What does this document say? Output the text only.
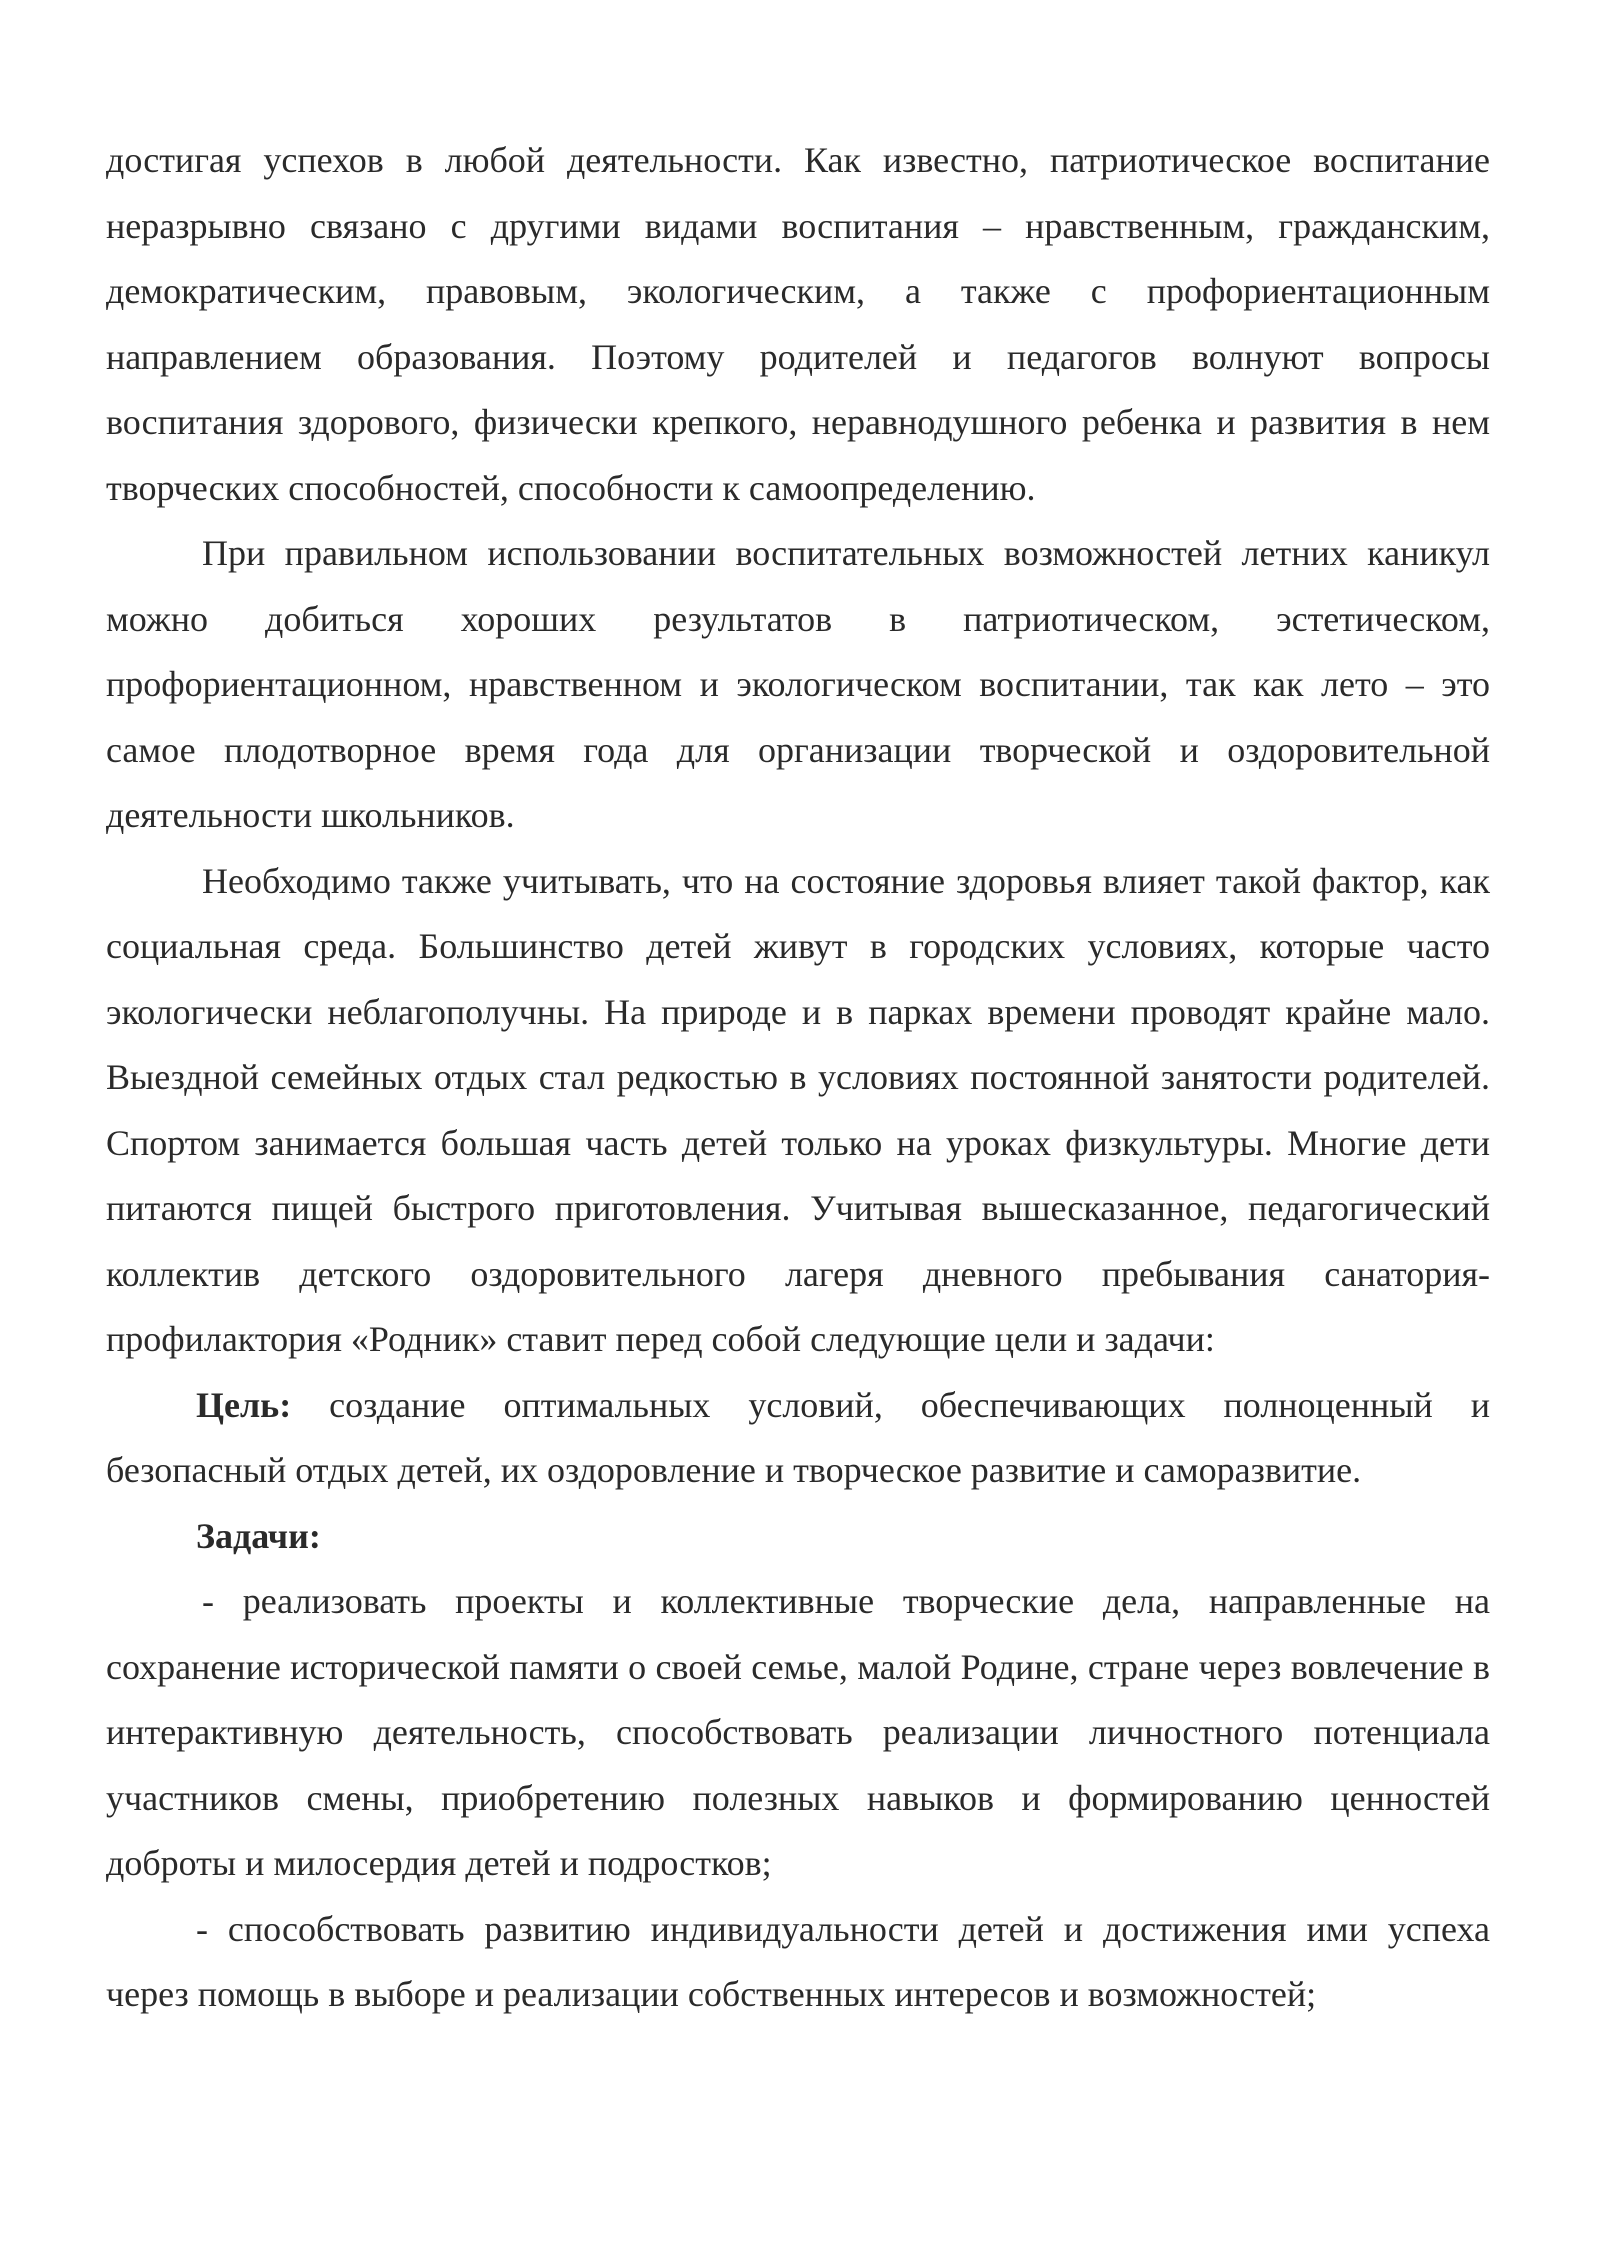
достигая успехов в любой деятельности. Как известно, патриотическое воспитание неразрывно связано с другими видами воспитания – нравственным, гражданским, демократическим, правовым, экологическим, а также с профориентационным направлением образования. Поэтому родителей и педагогов волнуют вопросы воспитания здорового, физически крепкого, неравнодушного ребенка и развития в нем творческих способностей, способности к самоопределению.

При правильном использовании воспитательных возможностей летних каникул можно добиться хороших результатов в патриотическом, эстетическом, профориентационном, нравственном и экологическом воспитании, так как лето – это самое плодотворное время года для организации творческой и оздоровительной деятельности школьников.

Необходимо также учитывать, что на состояние здоровья влияет такой фактор, как социальная среда. Большинство детей живут в городских условиях, которые часто экологически неблагополучны. На природе и в парках времени проводят крайне мало. Выездной семейных отдых стал редкостью в условиях постоянной занятости родителей. Спортом занимается большая часть детей только на уроках физкультуры. Многие дети питаются пищей быстрого приготовления. Учитывая вышесказанное, педагогический коллектив детского оздоровительного лагеря дневного пребывания санатория-профилактория «Родник» ставит перед собой следующие цели и задачи:

Цель: создание оптимальных условий, обеспечивающих полноценный и безопасный отдых детей, их оздоровление и творческое развитие и саморазвитие.

Задачи:

- реализовать проекты и коллективные творческие дела, направленные на сохранение исторической памяти о своей семье, малой Родине, стране через вовлечение в интерактивную деятельность, способствовать реализации личностного потенциала участников смены, приобретению полезных навыков и формированию ценностей доброты и милосердия детей и подростков;

- способствовать развитию индивидуальности детей и достижения ими успеха через помощь в выборе и реализации собственных интересов и возможностей;
